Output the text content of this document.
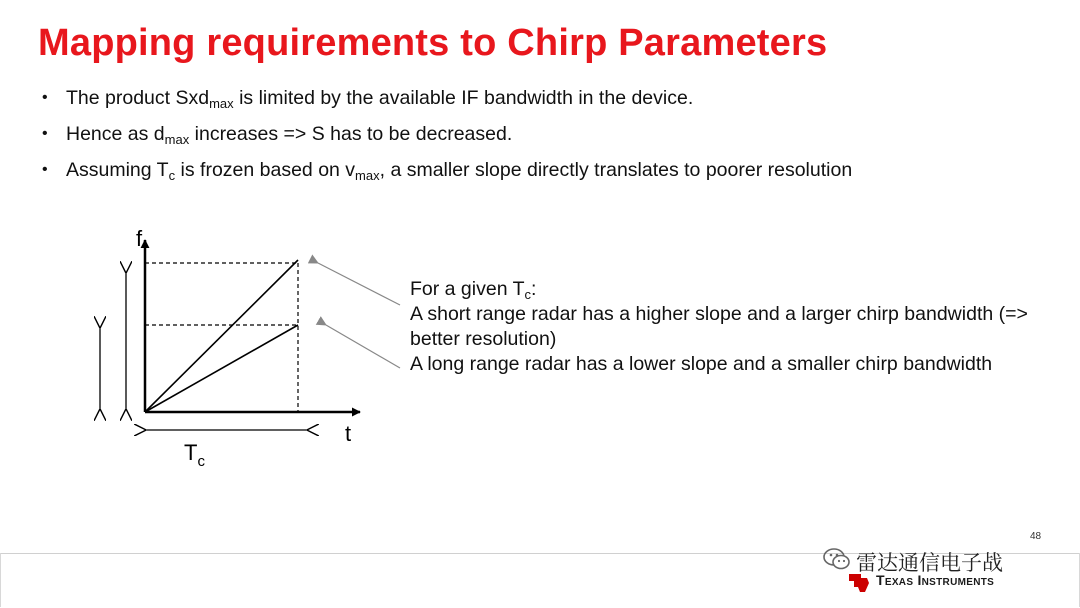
Mapping requirements to Chirp Parameters
• The product Sxd$_{max}$ is limited by the available IF bandwidth in the device.
• Hence as $d_{max}$ increases => S has to be decreased.
• Assuming $T_c$ is frozen based on $v_{max}$, a smaller slope directly translates to poorer resolution
f
t
$T_c$
For a given $T_c$:
A short range radar has a higher slope and a larger chirp bandwidth (=>
better resolution)
A long range radar has a lower slope and a smaller chirp bandwidth
48
雷达通信电子战
Texas Instruments
